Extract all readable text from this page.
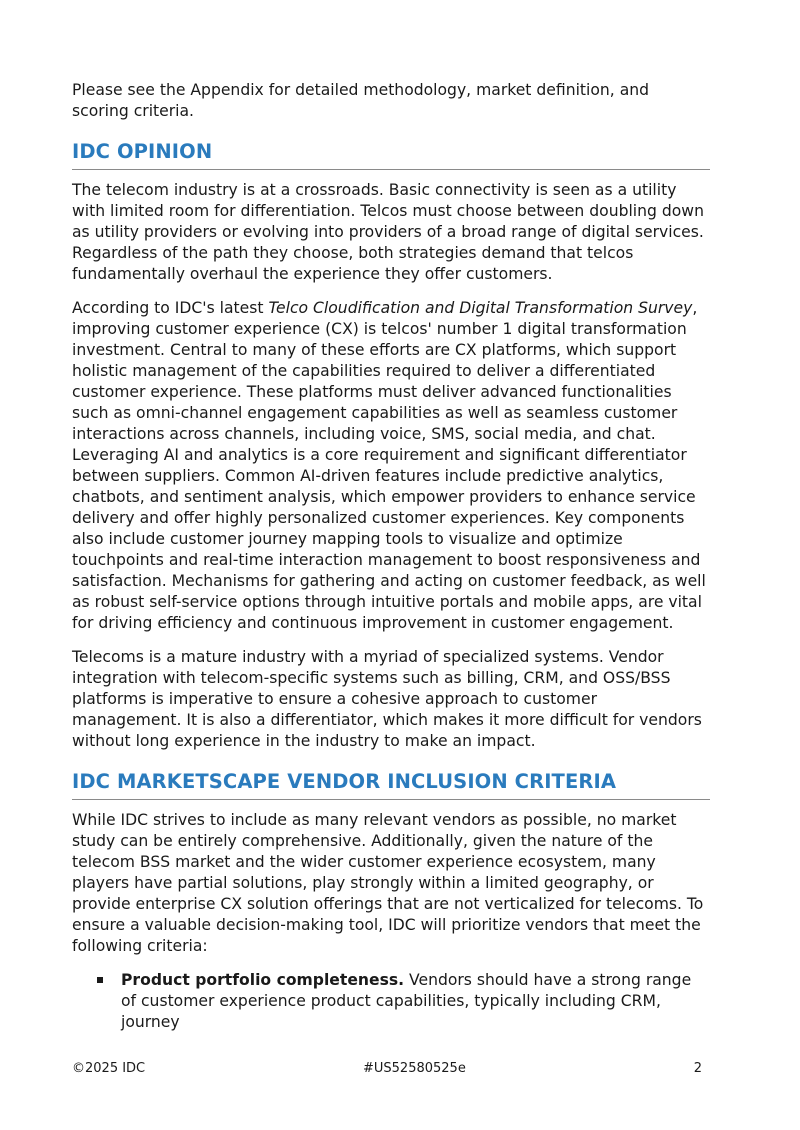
Please see the Appendix for detailed methodology, market definition, and scoring criteria.

IDC OPINION

The telecom industry is at a crossroads. Basic connectivity is seen as a utility with limited room for differentiation. Telcos must choose between doubling down as utility providers or evolving into providers of a broad range of digital services. Regardless of the path they choose, both strategies demand that telcos fundamentally overhaul the experience they offer customers.

According to IDC's latest Telco Cloudification and Digital Transformation Survey, improving customer experience (CX) is telcos' number 1 digital transformation investment. Central to many of these efforts are CX platforms, which support holistic management of the capabilities required to deliver a differentiated customer experience. These platforms must deliver advanced functionalities such as omni-channel engagement capabilities as well as seamless customer interactions across channels, including voice, SMS, social media, and chat. Leveraging AI and analytics is a core requirement and significant differentiator between suppliers. Common AI-driven features include predictive analytics, chatbots, and sentiment analysis, which empower providers to enhance service delivery and offer highly personalized customer experiences. Key components also include customer journey mapping tools to visualize and optimize touchpoints and real-time interaction management to boost responsiveness and satisfaction. Mechanisms for gathering and acting on customer feedback, as well as robust self-service options through intuitive portals and mobile apps, are vital for driving efficiency and continuous improvement in customer engagement.

Telecoms is a mature industry with a myriad of specialized systems. Vendor integration with telecom-specific systems such as billing, CRM, and OSS/BSS platforms is imperative to ensure a cohesive approach to customer management. It is also a differentiator, which makes it more difficult for vendors without long experience in the industry to make an impact.

IDC MARKETSCAPE VENDOR INCLUSION CRITERIA

While IDC strives to include as many relevant vendors as possible, no market study can be entirely comprehensive. Additionally, given the nature of the telecom BSS market and the wider customer experience ecosystem, many players have partial solutions, play strongly within a limited geography, or provide enterprise CX solution offerings that are not verticalized for telecoms. To ensure a valuable decision-making tool, IDC will prioritize vendors that meet the following criteria:

Product portfolio completeness. Vendors should have a strong range of customer experience product capabilities, typically including CRM, journey
©2025 IDC	#US52580525e	2
